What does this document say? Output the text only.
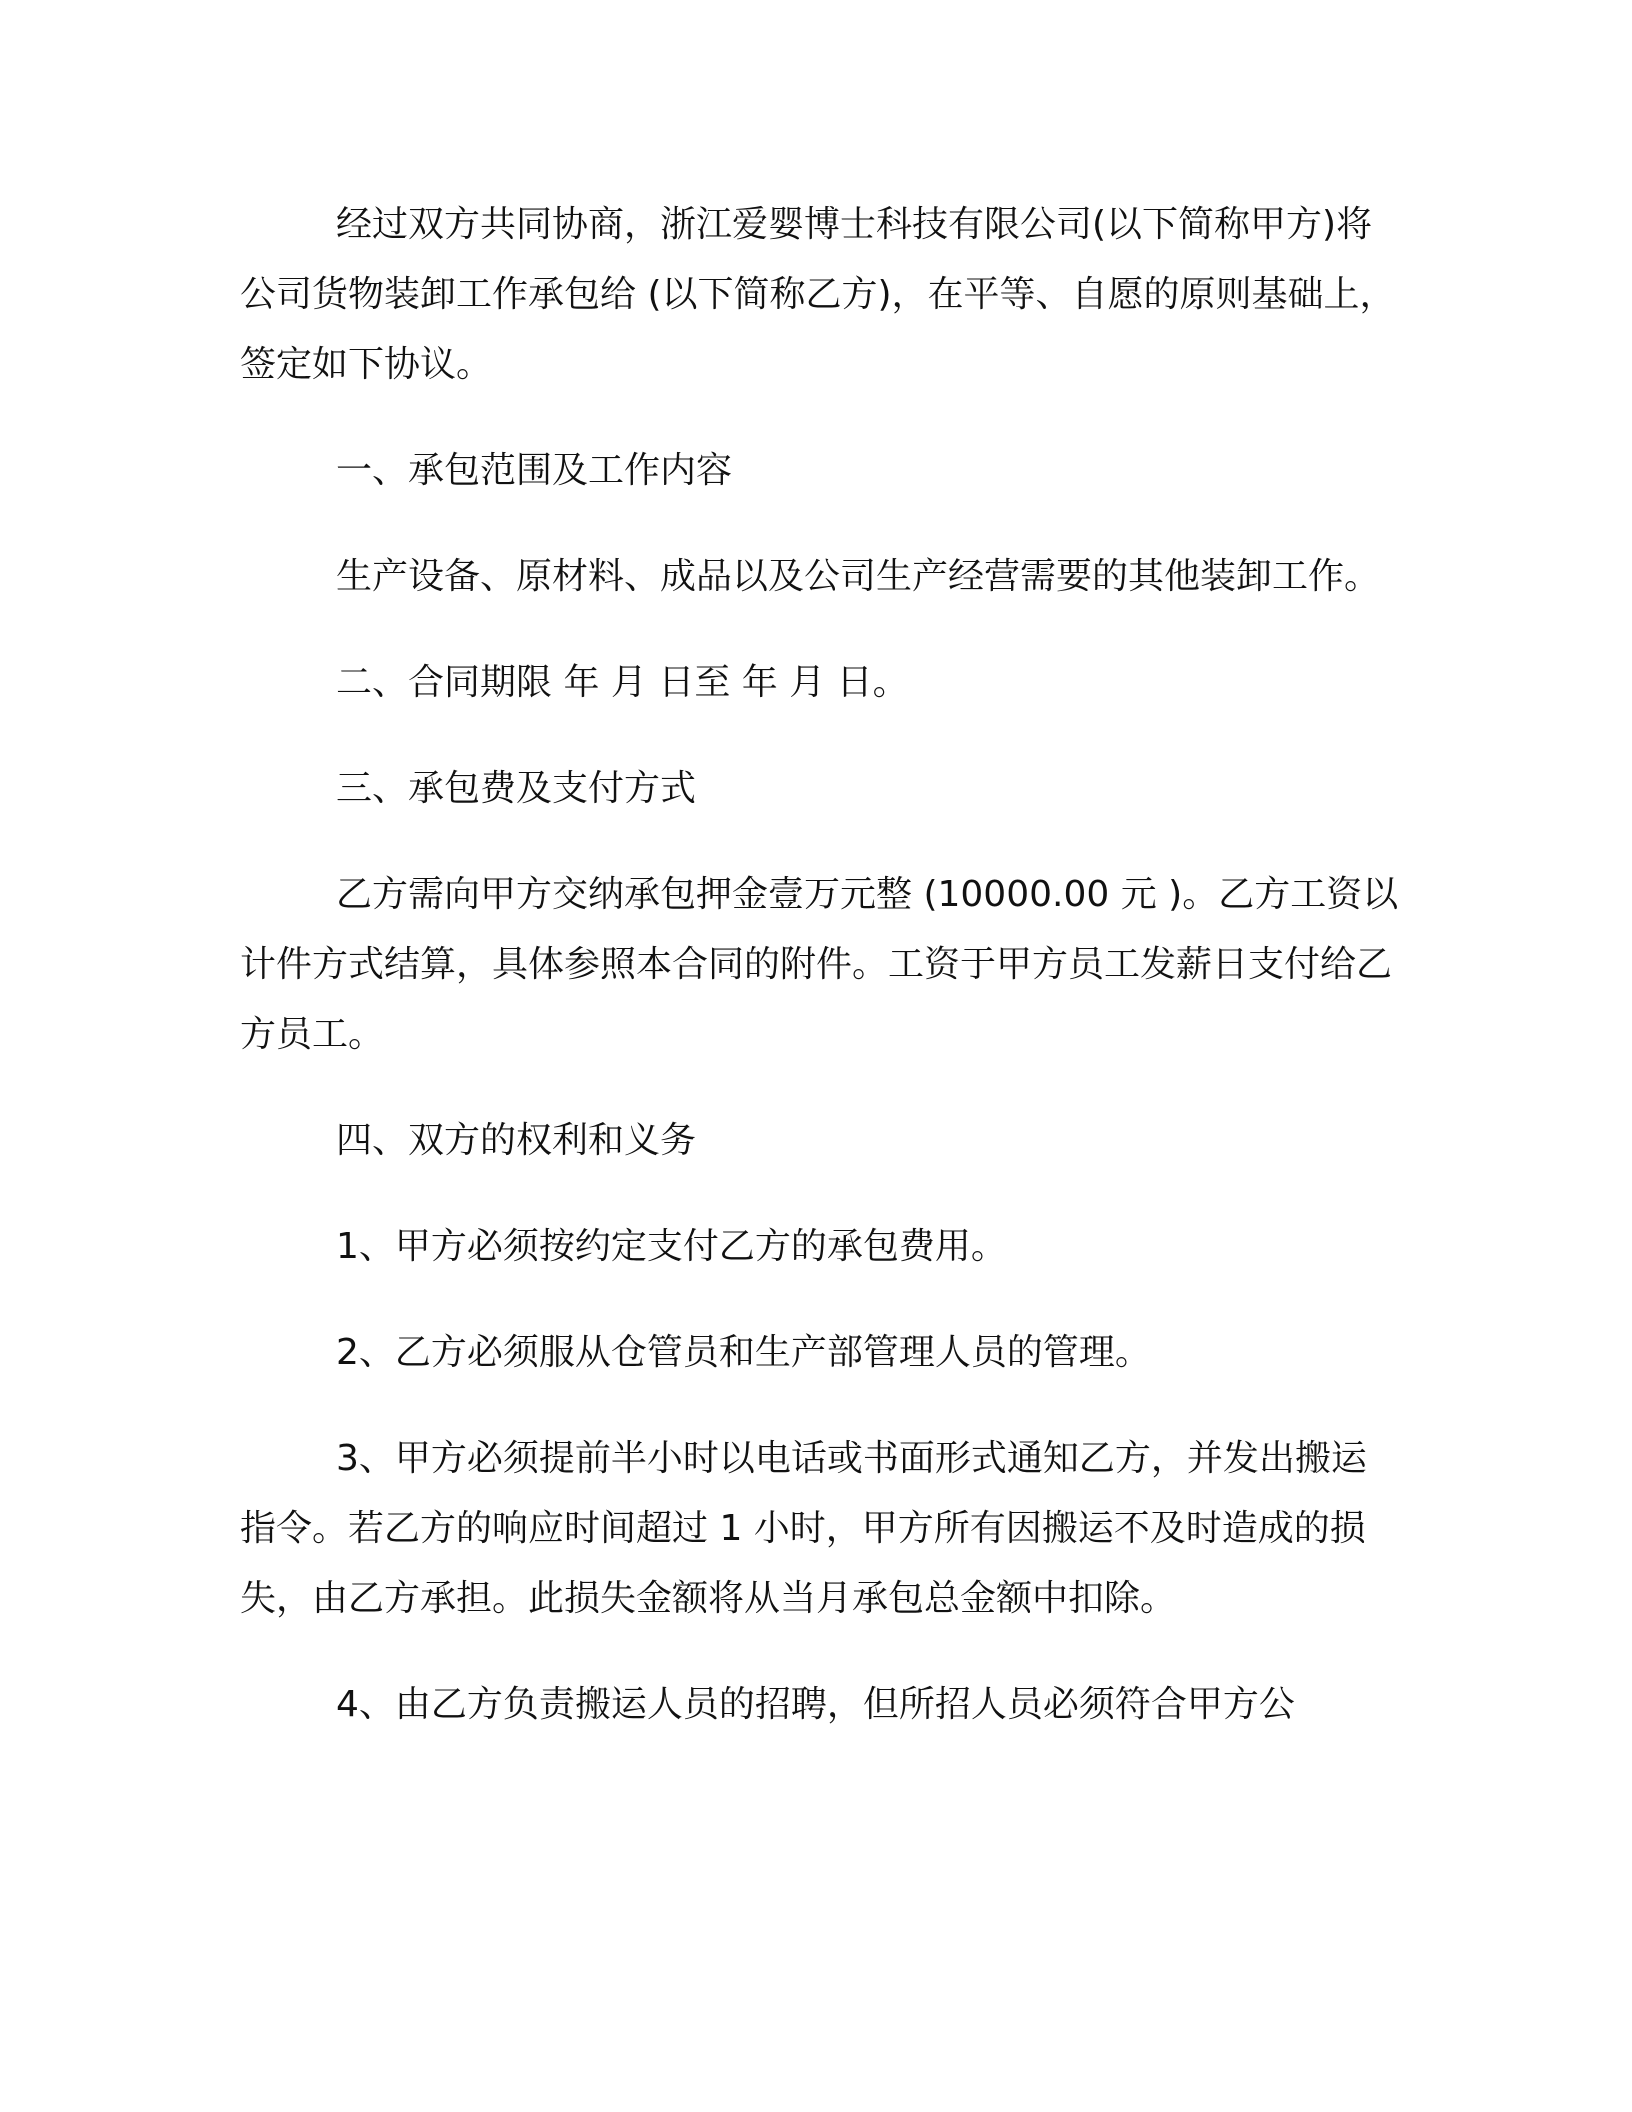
经过双方共同协商，浙江爱婴博士科技有限公司(以下简称甲方)将公司货物装卸工作承包给 (以下简称乙方)，在平等、自愿的原则基础上，签定如下协议。

一、承包范围及工作内容

生产设备、原材料、成品以及公司生产经营需要的其他装卸工作。

二、合同期限 年 月 日至 年 月 日。

三、承包费及支付方式

乙方需向甲方交纳承包押金壹万元整 (10000.00 元 )。乙方工资以计件方式结算，具体参照本合同的附件。工资于甲方员工发薪日支付给乙方员工。

四、双方的权利和义务

1、甲方必须按约定支付乙方的承包费用。

2、乙方必须服从仓管员和生产部管理人员的管理。

3、甲方必须提前半小时以电话或书面形式通知乙方，并发出搬运指令。若乙方的响应时间超过 1 小时，甲方所有因搬运不及时造成的损失，由乙方承担。此损失金额将从当月承包总金额中扣除。

4、由乙方负责搬运人员的招聘，但所招人员必须符合甲方公
